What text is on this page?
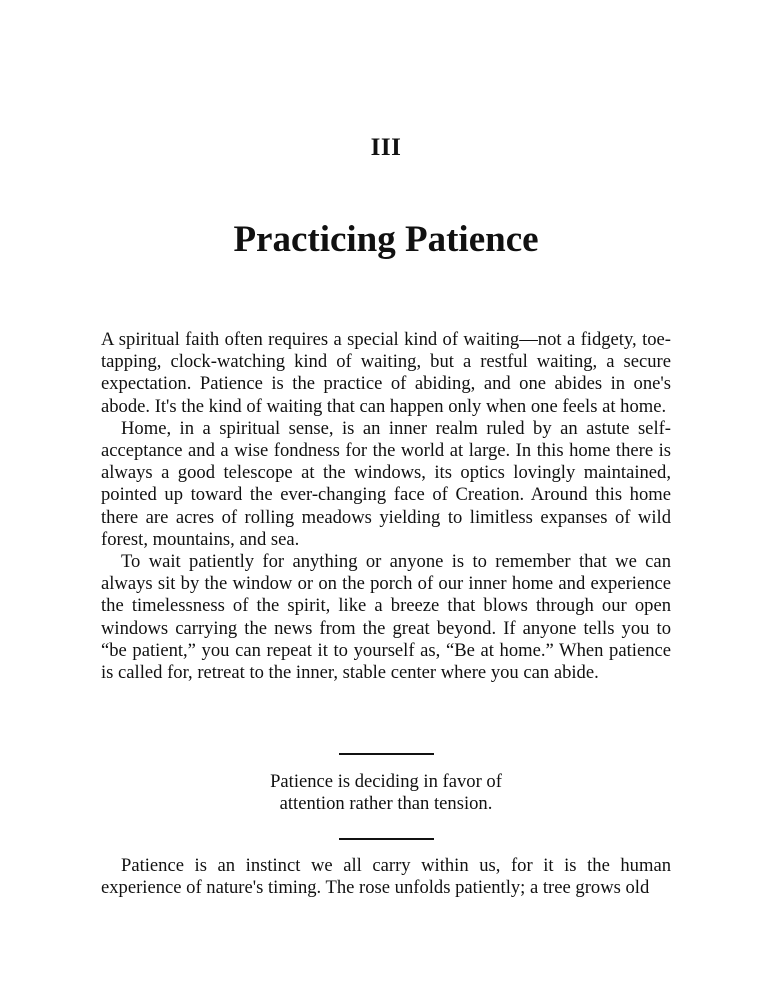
III
Practicing Patience

A spiritual faith often requires a special kind of waiting—not a fidgety, toe-tapping, clock-watching kind of waiting, but a restful waiting, a secure expectation. Patience is the practice of abiding, and one abides in one's abode. It's the kind of waiting that can happen only when one feels at home.

Home, in a spiritual sense, is an inner realm ruled by an astute self-acceptance and a wise fondness for the world at large. In this home there is always a good telescope at the windows, its optics lovingly maintained, pointed up toward the ever-changing face of Creation. Around this home there are acres of rolling meadows yielding to limitless expanses of wild forest, mountains, and sea.

To wait patiently for anything or anyone is to remember that we can always sit by the window or on the porch of our inner home and experience the timelessness of the spirit, like a breeze that blows through our open windows carrying the news from the great beyond. If anyone tells you to “be patient,” you can repeat it to yourself as, “Be at home.” When patience is called for, retreat to the inner, stable center where you can abide.

Patience is deciding in favor of
attention rather than tension.

Patience is an instinct we all carry within us, for it is the human experience of nature's timing. The rose unfolds patiently; a tree grows old
